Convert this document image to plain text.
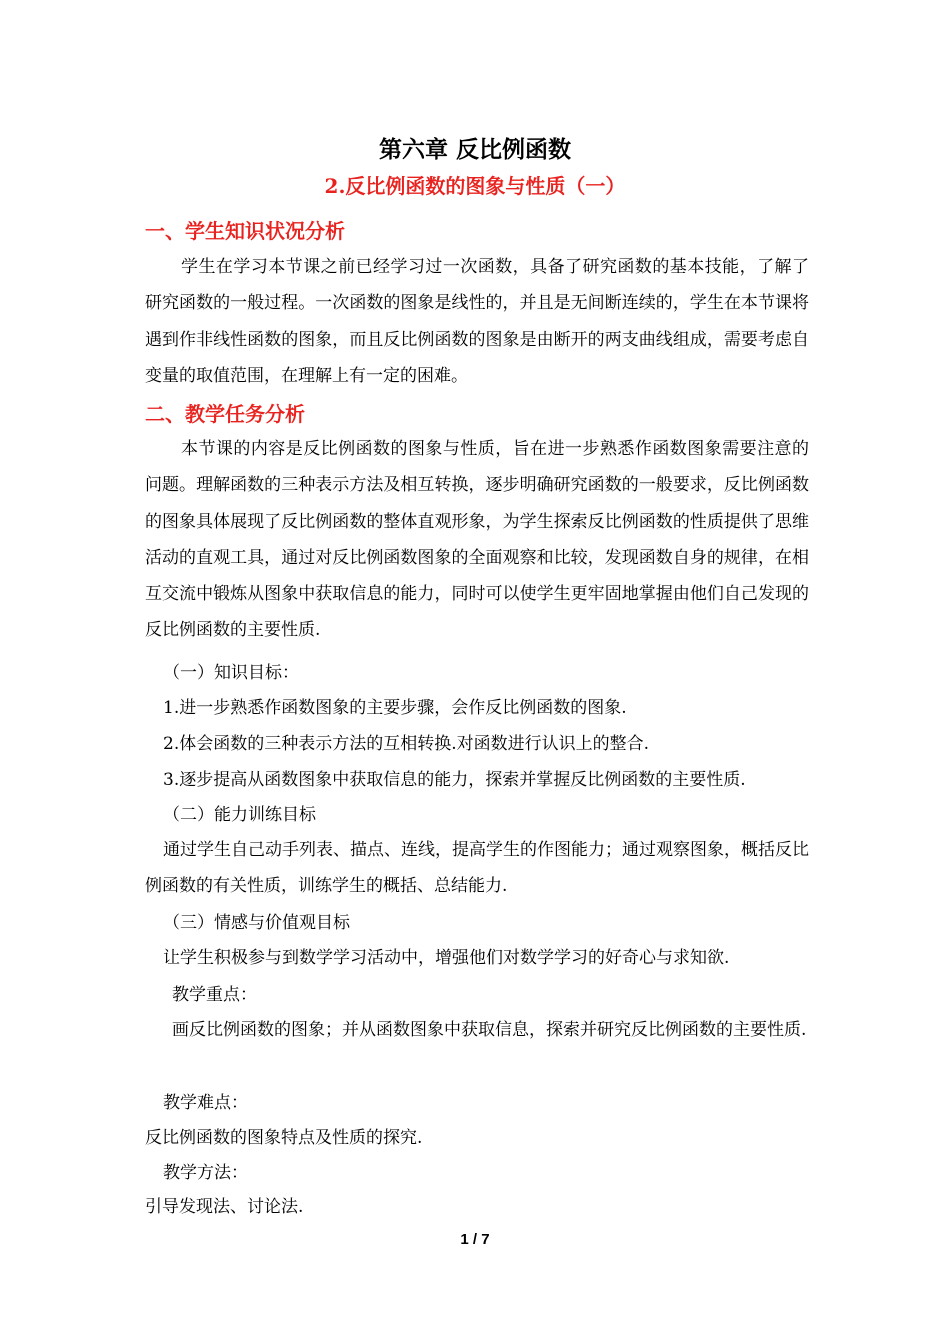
第六章 反比例函数
2.反比例函数的图象与性质（一）
一、学生知识状况分析
学生在学习本节课之前已经学习过一次函数，具备了研究函数的基本技能，了解了研究函数的一般过程。一次函数的图象是线性的，并且是无间断连续的，学生在本节课将遇到作非线性函数的图象，而且反比例函数的图象是由断开的两支曲线组成，需要考虑自变量的取值范围，在理解上有一定的困难。
二、教学任务分析
本节课的内容是反比例函数的图象与性质，旨在进一步熟悉作函数图象需要注意的问题。理解函数的三种表示方法及相互转换，逐步明确研究函数的一般要求，反比例函数的图象具体展现了反比例函数的整体直观形象，为学生探索反比例函数的性质提供了思维活动的直观工具，通过对反比例函数图象的全面观察和比较，发现函数自身的规律，在相互交流中锻炼从图象中获取信息的能力，同时可以使学生更牢固地掌握由他们自己发现的反比例函数的主要性质.
（一）知识目标：
1.进一步熟悉作函数图象的主要步骤，会作反比例函数的图象.
2.体会函数的三种表示方法的互相转换.对函数进行认识上的整合.
3.逐步提高从函数图象中获取信息的能力，探索并掌握反比例函数的主要性质.
（二）能力训练目标
通过学生自己动手列表、描点、连线，提高学生的作图能力；通过观察图象，概括反比例函数的有关性质，训练学生的概括、总结能力.
（三）情感与价值观目标
让学生积极参与到数学学习活动中，增强他们对数学学习的好奇心与求知欲.
教学重点：
画反比例函数的图象；并从函数图象中获取信息，探索并研究反比例函数的主要性质.
教学难点：
反比例函数的图象特点及性质的探究.
教学方法：
引导发现法、讨论法.
1 / 7
